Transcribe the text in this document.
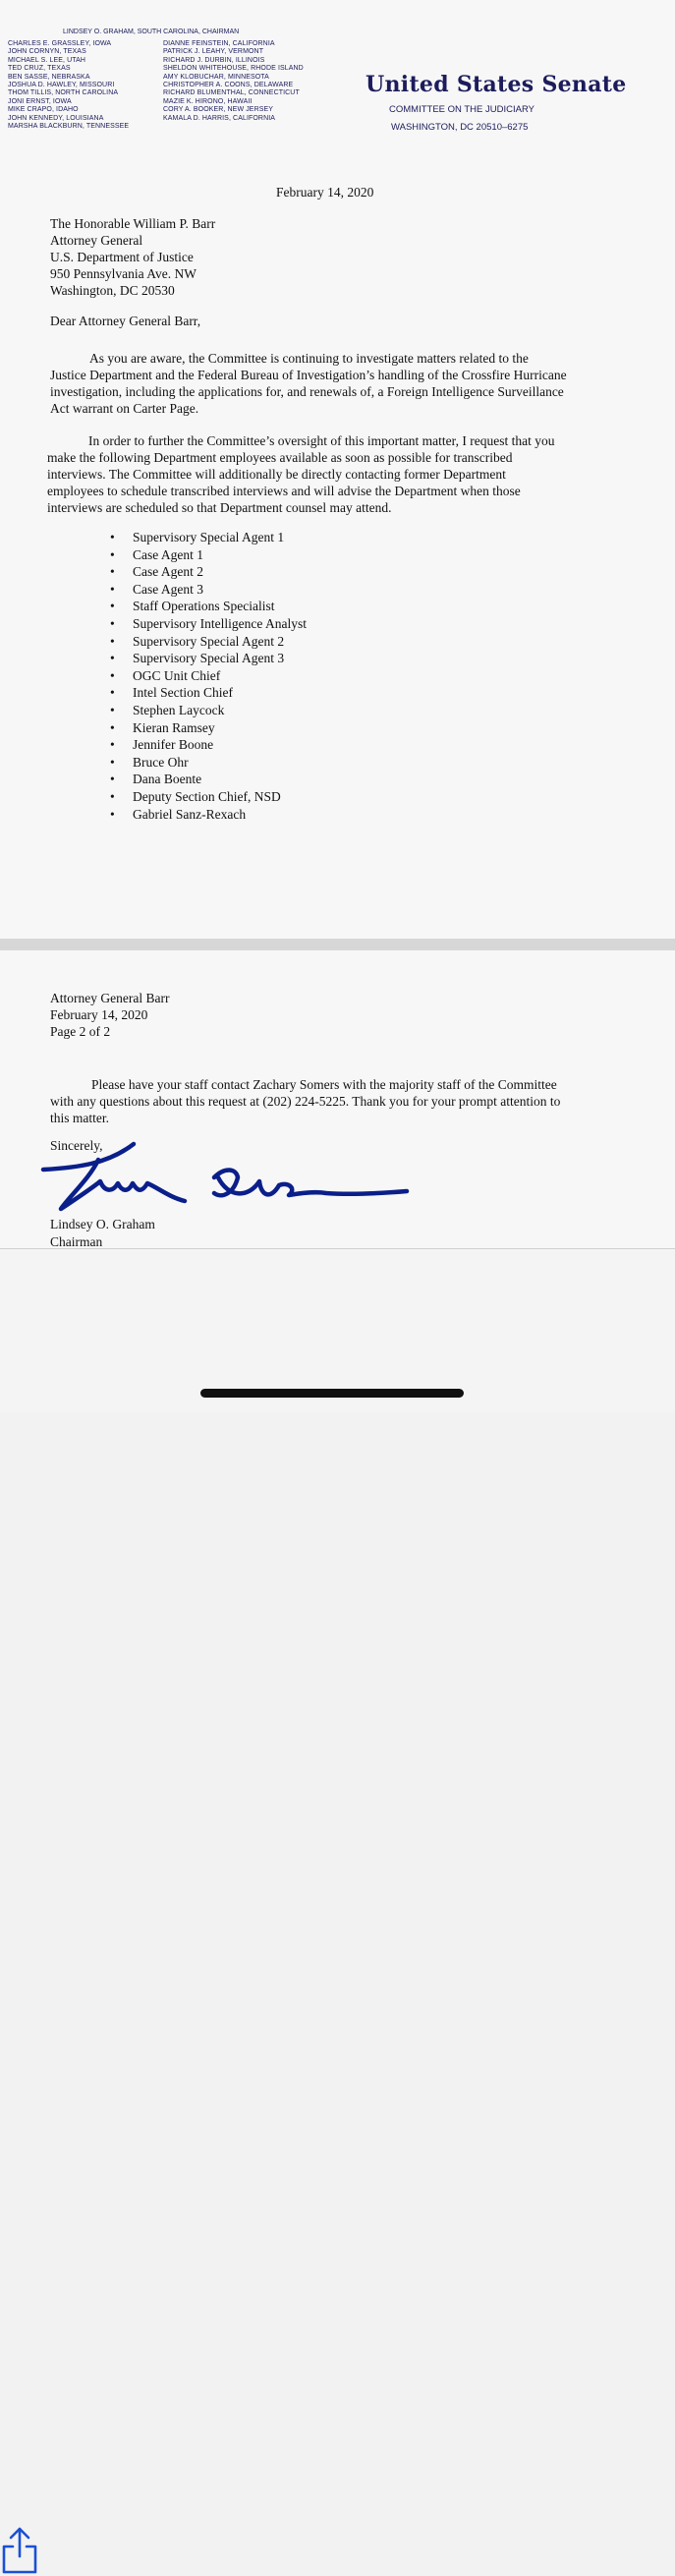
LINDSEY O. GRAHAM, SOUTH CAROLINA, CHAIRMAN
CHARLES E. GRASSLEY, IOWA
JOHN CORNYN, TEXAS
MICHAEL S. LEE, UTAH
TED CRUZ, TEXAS
BEN SASSE, NEBRASKA
JOSHUA D. HAWLEY, MISSOURI
THOM TILLIS, NORTH CAROLINA
JONI ERNST, IOWA
MIKE CRAPO, IDAHO
JOHN KENNEDY, LOUISIANA
MARSHA BLACKBURN, TENNESSEE
DIANNE FEINSTEIN, CALIFORNIA
PATRICK J. LEAHY, VERMONT
RICHARD J. DURBIN, ILLINOIS
SHELDON WHITEHOUSE, RHODE ISLAND
AMY KLOBUCHAR, MINNESOTA
CHRISTOPHER A. COONS, DELAWARE
RICHARD BLUMENTHAL, CONNECTICUT
MAZIE K. HIRONO, HAWAII
CORY A. BOOKER, NEW JERSEY
KAMALA D. HARRIS, CALIFORNIA
United States Senate
COMMITTEE ON THE JUDICIARY
WASHINGTON, DC 20510–6275
February 14, 2020
The Honorable William P. Barr
Attorney General
U.S. Department of Justice
950 Pennsylvania Ave. NW
Washington, DC 20530
Dear Attorney General Barr,
As you are aware, the Committee is continuing to investigate matters related to the
Justice Department and the Federal Bureau of Investigation’s handling of the Crossfire Hurricane
investigation, including the applications for, and renewals of, a Foreign Intelligence Surveillance
Act warrant on Carter Page.
In order to further the Committee’s oversight of this important matter, I request that you
make the following Department employees available as soon as possible for transcribed
interviews. The Committee will additionally be directly contacting former Department
employees to schedule transcribed interviews and will advise the Department when those
interviews are scheduled so that Department counsel may attend.
• Supervisory Special Agent 1
• Case Agent 1
• Case Agent 2
• Case Agent 3
• Staff Operations Specialist
• Supervisory Intelligence Analyst
• Supervisory Special Agent 2
• Supervisory Special Agent 3
• OGC Unit Chief
• Intel Section Chief
• Stephen Laycock
• Kieran Ramsey
• Jennifer Boone
• Bruce Ohr
• Dana Boente
• Deputy Section Chief, NSD
• Gabriel Sanz-Rexach
Attorney General Barr
February 14, 2020
Page 2 of 2
Please have your staff contact Zachary Somers with the majority staff of the Committee
with any questions about this request at (202) 224-5225. Thank you for your prompt attention to
this matter.
Sincerely,
Lindsey O. Graham
Chairman
